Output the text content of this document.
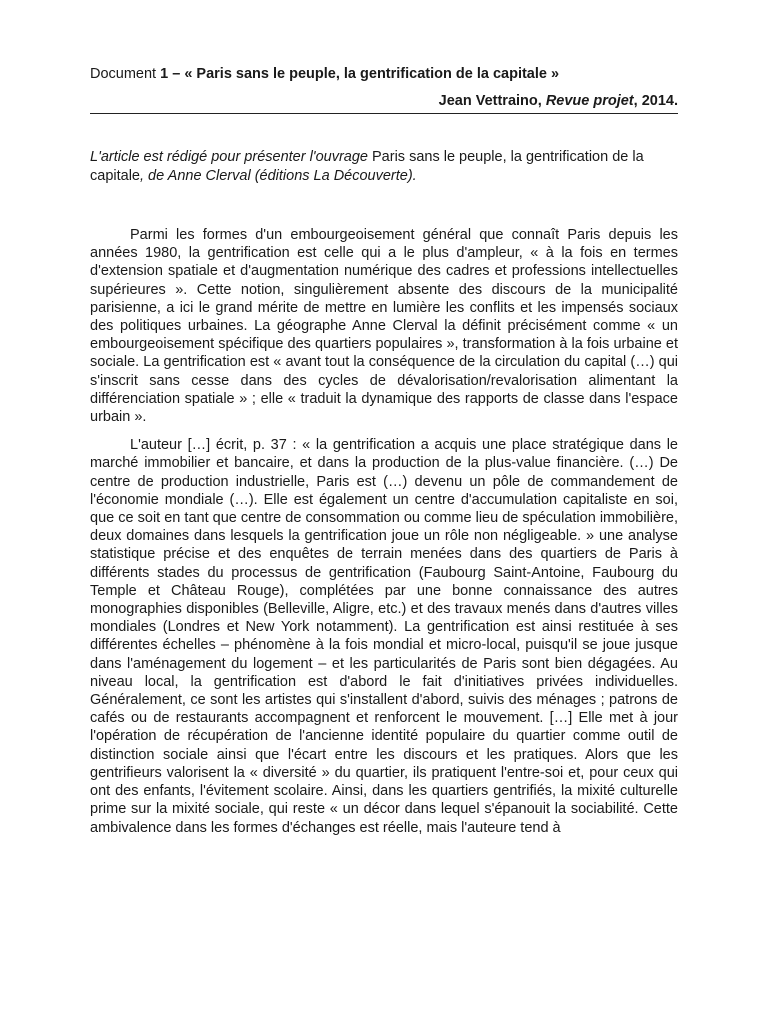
Document 1 – « Paris sans le peuple, la gentrification de la capitale »
Jean Vettraino, Revue projet, 2014.
L'article est rédigé pour présenter l'ouvrage Paris sans le peuple, la gentrification de la capitale, de Anne Clerval (éditions La Découverte).

Parmi les formes d'un embourgeoisement général que connaît Paris depuis les années 1980, la gentrification est celle qui a le plus d'ampleur, « à la fois en termes d'extension spatiale et d'augmentation numérique des cadres et professions intellectuelles supérieures ». Cette notion, singulièrement absente des discours de la municipalité parisienne, a ici le grand mérite de mettre en lumière les conflits et les impensés sociaux des politiques urbaines. La géographe Anne Clerval la définit précisément comme « un embourgeoisement spécifique des quartiers populaires », transformation à la fois urbaine et sociale. La gentrification est « avant tout la conséquence de la circulation du capital (…) qui s'inscrit sans cesse dans des cycles de dévalorisation/revalorisation alimentant la différenciation spatiale » ; elle « traduit la dynamique des rapports de classe dans l'espace urbain ».

L'auteur […] écrit, p. 37 : « la gentrification a acquis une place stratégique dans le marché immobilier et bancaire, et dans la production de la plus-value financière. (…) De centre de production industrielle, Paris est (…) devenu un pôle de commandement de l'économie mondiale (…). Elle est également un centre d'accumulation capitaliste en soi, que ce soit en tant que centre de consommation ou comme lieu de spéculation immobilière, deux domaines dans lesquels la gentrification joue un rôle non négligeable. » une analyse statistique précise et des enquêtes de terrain menées dans des quartiers de Paris à différents stades du processus de gentrification (Faubourg Saint-Antoine, Faubourg du Temple et Château Rouge), complétées par une bonne connaissance des autres monographies disponibles (Belleville, Aligre, etc.) et des travaux menés dans d'autres villes mondiales (Londres et New York notamment). La gentrification est ainsi restituée à ses différentes échelles – phénomène à la fois mondial et micro-local, puisqu'il se joue jusque dans l'aménagement du logement – et les particularités de Paris sont bien dégagées. Au niveau local, la gentrification est d'abord le fait d'initiatives privées individuelles. Généralement, ce sont les artistes qui s'installent d'abord, suivis des ménages ; patrons de cafés ou de restaurants accompagnent et renforcent le mouvement. […] Elle met à jour l'opération de récupération de l'ancienne identité populaire du quartier comme outil de distinction sociale ainsi que l'écart entre les discours et les pratiques. Alors que les gentrifieurs valorisent la « diversité » du quartier, ils pratiquent l'entre-soi et, pour ceux qui ont des enfants, l'évitement scolaire. Ainsi, dans les quartiers gentrifiés, la mixité culturelle prime sur la mixité sociale, qui reste « un décor dans lequel s'épanouit la sociabilité. Cette ambivalence dans les formes d'échanges est réelle, mais l'auteure tend à
